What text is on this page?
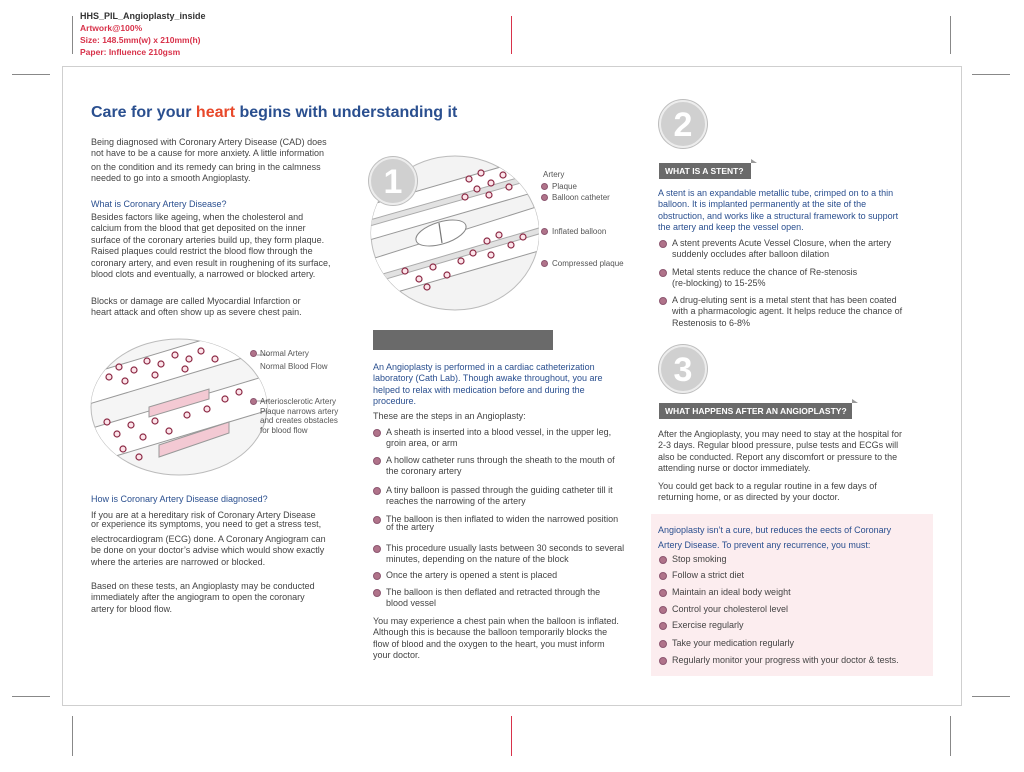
HHS_PIL_Angioplasty_inside
Artwork@100%
Size: 148.5mm(w) x 210mm(h)
Paper: Influence 210gsm
Care for your heart begins with understanding it
Being diagnosed with Coronary Artery Disease (CAD) does
not have to be a cause for more anxiety. A little information
on the condition and its remedy can bring in the calmness
needed to go into a smooth Angioplasty.
What is Coronary Artery Disease?
Besides factors like ageing, when the cholesterol and
calcium from the blood that get deposited on the inner
surface of the coronary arteries build up, they form plaque.
Raised plaques could restrict the blood flow through the
coronary artery, and even result in roughening of its surface,
blood clots and eventually, a narrowed or blocked artery.
Blocks or damage are called Myocardial Infarction or
heart attack and often show up as severe chest pain.
Normal Artery
Normal Blood Flow
Arteriosclerotic Artery
Plaque narrows artery
and creates obstacles
for blood flow
How is Coronary Artery Disease diagnosed?
If you are at a hereditary risk of Coronary Artery Disease
or experience its symptoms, you need to get a stress test,
electrocardiogram (ECG) done. A Coronary Angiogram can
be done on your doctor’s advise which would show exactly
where the arteries are narrowed or blocked.
Based on these tests, an Angioplasty may be conducted
immediately after the angiogram to open the coronary
artery for blood flow.
1	Artery
Plaque
Balloon catheter
Inflated balloon
Compressed plaque
An Angioplasty is performed in a cardiac catheterization
laboratory (Cath Lab). Though awake throughout, you are
helped to relax with medication before and during the
procedure.
These are the steps in an Angioplasty:
A sheath is inserted into a blood vessel, in the upper leg,
groin area, or arm
A hollow catheter runs through the sheath to the mouth of
the coronary artery
A tiny balloon is passed through the guiding catheter till it
reaches the narrowing of the artery
The balloon is then inflated to widen the narrowed position
of the artery
This procedure usually lasts between 30 seconds to several
minutes, depending on the nature of the block
Once the artery is opened a stent is placed
The balloon is then deflated and retracted through the
blood vessel
You may experience a chest pain when the balloon is inflated.
Although this is because the balloon temporarily blocks the
flow of blood and the oxygen to the heart, you must inform
your doctor.
2
WHAT IS A STENT?
A stent is an expandable metallic tube, crimped on to a thin
balloon. It is implanted permanently at the site of the
obstruction, and works like a structural framework to support
the artery and keep the vessel open.
A stent prevents Acute Vessel Closure, when the artery
suddenly occludes after balloon dilation
Metal stents reduce the chance of Re-stenosis
(re-blocking) to 15-25%
A drug-eluting sent is a metal stent that has been coated
with a pharmacologic agent. It helps reduce the chance of
Restenosis to 6-8%
3
WHAT HAPPENS AFTER AN ANGIOPLASTY?
After the Angioplasty, you may need to stay at the hospital for
2-3 days. Regular blood pressure, pulse tests and ECGs will
also be conducted. Report any discomfort or pressure to the
attending nurse or doctor immediately.
You could get back to a regular routine in a few days of
returning home, or as directed by your doctor.
Angioplasty isn’t a cure, but reduces the eects of Coronary
Artery Disease. To prevent any recurrence, you must:
Stop smoking
Follow a strict diet
Maintain an ideal body weight
Control your cholesterol level
Exercise regularly
Take your medication regularly
Regularly monitor your progress with your doctor & tests.
